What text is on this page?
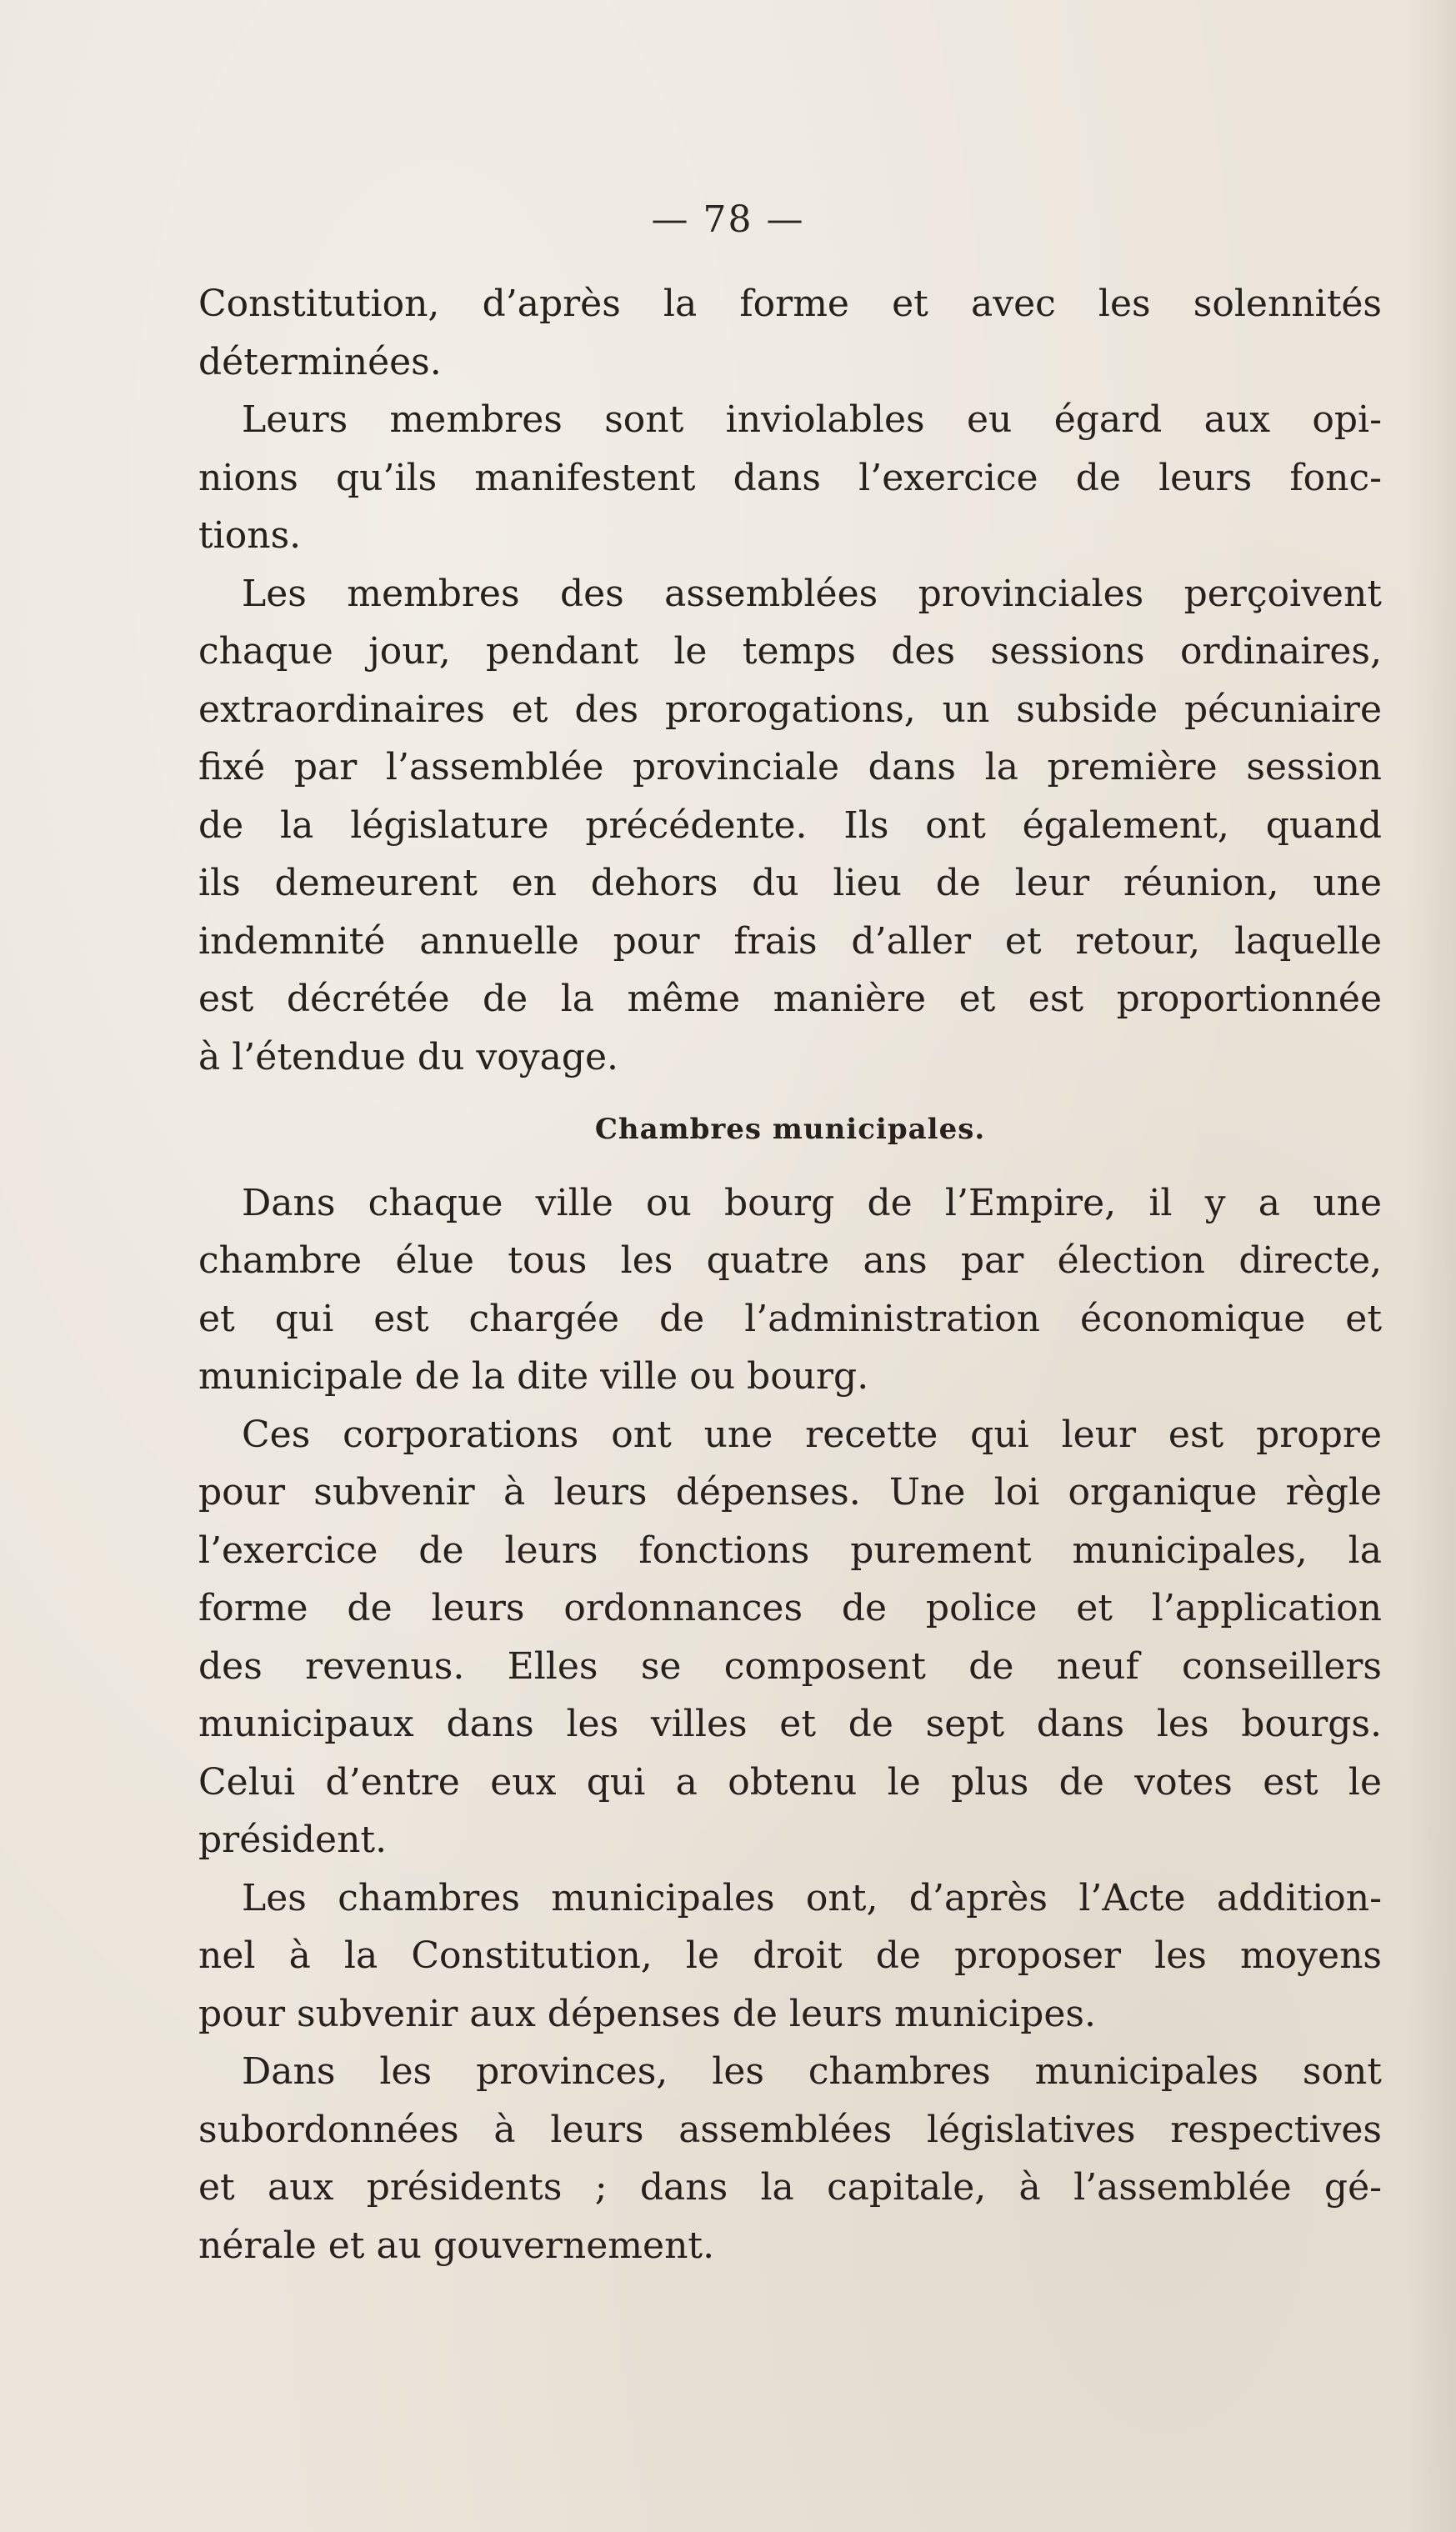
— 78 —
Constitution, d’après la forme et avec les solennités
déterminées.
Leurs membres sont inviolables eu égard aux opi-
nions qu’ils manifestent dans l’exercice de leurs fonc-
tions.
Les membres des assemblées provinciales perçoivent
chaque jour, pendant le temps des sessions ordinaires,
extraordinaires et des prorogations, un subside pécuniaire
fixé par l’assemblée provinciale dans la première session
de la législature précédente. Ils ont également, quand
ils demeurent en dehors du lieu de leur réunion, une
indemnité annuelle pour frais d’aller et retour, laquelle
est décrétée de la même manière et est proportionnée
à l’étendue du voyage.
Chambres municipales.
Dans chaque ville ou bourg de l’Empire, il y a une
chambre élue tous les quatre ans par élection directe,
et qui est chargée de l’administration économique et
municipale de la dite ville ou bourg.
Ces corporations ont une recette qui leur est propre
pour subvenir à leurs dépenses. Une loi organique règle
l’exercice de leurs fonctions purement municipales, la
forme de leurs ordonnances de police et l’application
des revenus. Elles se composent de neuf conseillers
municipaux dans les villes et de sept dans les bourgs.
Celui d’entre eux qui a obtenu le plus de votes est le
président.
Les chambres municipales ont, d’après l’Acte addition-
nel à la Constitution, le droit de proposer les moyens
pour subvenir aux dépenses de leurs municipes.
Dans les provinces, les chambres municipales sont
subordonnées à leurs assemblées législatives respectives
et aux présidents ; dans la capitale, à l’assemblée gé-
nérale et au gouvernement.
